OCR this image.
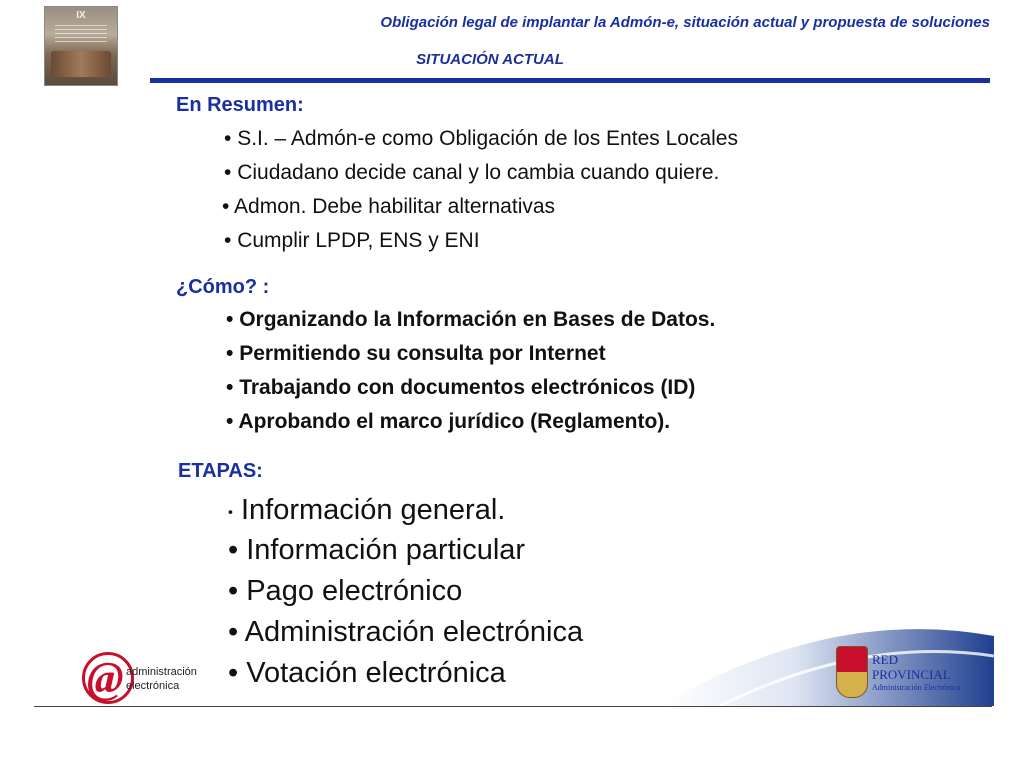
IX	Obligación legal de implantar la Admón-e, situación actual y propuesta de soluciones
SITUACIÓN ACTUAL
En Resumen:
• S.I. – Admón-e como Obligación de los Entes Locales
• Ciudadano decide canal y lo cambia cuando quiere.
• Admon. Debe habilitar alternativas
• Cumplir LPDP, ENS y ENI
¿Cómo? :
• Organizando la Información en Bases de Datos.
• Permitiendo su consulta por Internet
• Trabajando con documentos electrónicos (ID)
• Aprobando el marco jurídico (Reglamento).
ETAPAS:
• Información general.
• Información particular
• Pago electrónico
• Administración electrónica
• Votación electrónica
@ administración
electrónica
RED
PROVINCIAL
Administración Electrónica
